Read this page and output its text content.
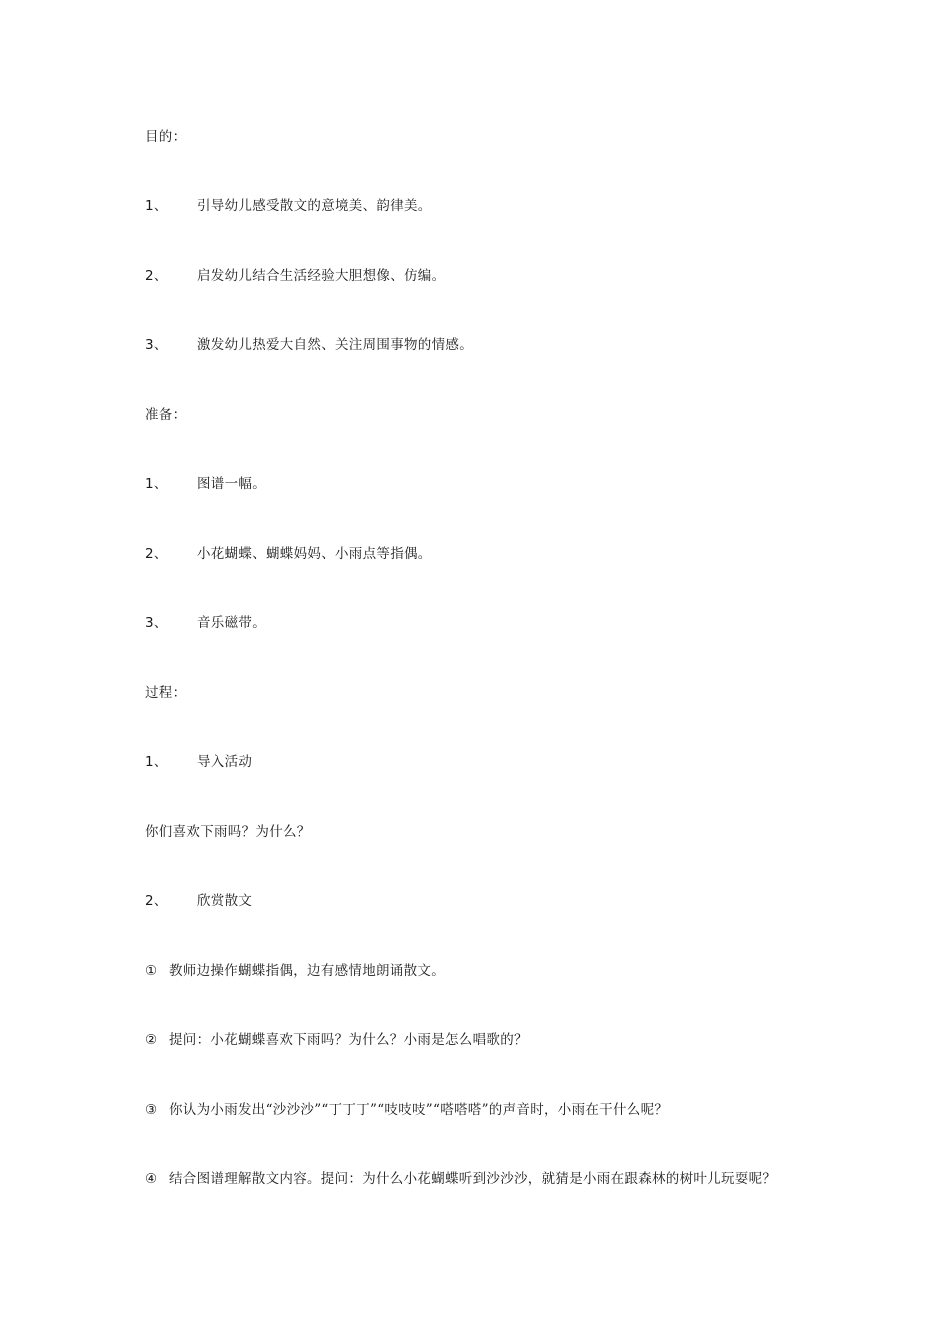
目的：
1、 引导幼儿感受散文的意境美、韵律美。
2、 启发幼儿结合生活经验大胆想像、仿编。
3、 激发幼儿热爱大自然、关注周围事物的情感。
准备：
1、 图谱一幅。
2、 小花蝴蝶、蝴蝶妈妈、小雨点等指偶。
3、 音乐磁带。
过程：
1、 导入活动
你们喜欢下雨吗？为什么？
2、 欣赏散文
① 教师边操作蝴蝶指偶，边有感情地朗诵散文。
② 提问：小花蝴蝶喜欢下雨吗？为什么？小雨是怎么唱歌的？
③ 你认为小雨发出“沙沙沙”“丁丁丁”“吱吱吱”“嗒嗒嗒”的声音时，小雨在干什么呢？
④ 结合图谱理解散文内容。提问：为什么小花蝴蝶听到沙沙沙，就猜是小雨在跟森林的树叶儿玩耍呢？
